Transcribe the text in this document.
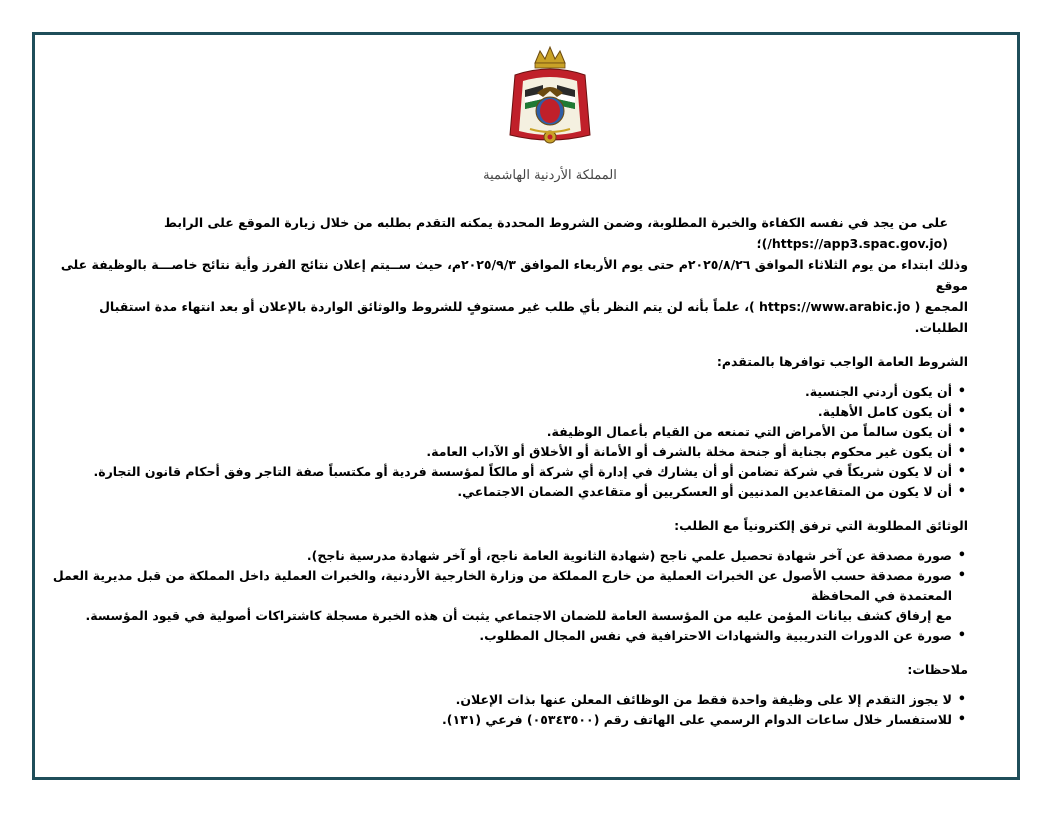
المملكة الأردنية الهاشمية

على من يجد في نفسه الكفاءة والخبرة المطلوبة، وضمن الشروط المحددة يمكنه التقدم بطلبه من خلال زيارة الموقع على الرابط (https://app3.spac.gov.jo/)؛

وذلك ابتداء من يوم الثلاثاء الموافق ٢٠٢٥/٨/٢٦م حتى يوم الأربعاء الموافق ٢٠٢٥/٩/٣م، حيث ســيتم إعلان نتائج الفرز وأية نتائج خاصـــة بالوظيفة على موقع

المجمع ( https://www.arabic.jo )، علماً بأنه لن يتم النظر بأي طلب غير مستوفٍ للشروط والوثائق الواردة بالإعلان أو بعد انتهاء مدة استقبال الطلبات.

الشروط العامة الواجب توافرها بالمتقدم:
• أن يكون أردني الجنسية.
• أن يكون كامل الأهلية.
• أن يكون سالماً من الأمراض التي تمنعه من القيام بأعمال الوظيفة.
• أن يكون غير محكوم بجناية أو جنحة مخلة بالشرف أو الأمانة أو الأخلاق أو الآداب العامة.
• أن لا يكون شريكاً في شركة تضامن أو أن يشارك في إدارة أي شركة أو مالكاً لمؤسسة فردية أو مكتسباً صفة التاجر وفق أحكام قانون التجارة.
• أن لا يكون من المتقاعدين المدنيين أو العسكريين أو متقاعدي الضمان الاجتماعي.
الوثائق المطلوبة التي ترفق إلكترونياً مع الطلب:
• صورة مصدقة عن آخر شهادة تحصيل علمي ناجح (شهادة الثانوية العامة ناجح، أو آخر شهادة مدرسية ناجح).
• صورة مصدقة حسب الأصول عن الخبرات العملية من خارج المملكة من وزارة الخارجية الأردنية، والخبرات العملية داخل المملكة من قبل مديرية العمل المعتمدة في المحافظة
مع إرفاق كشف بيانات المؤمن عليه من المؤسسة العامة للضمان الاجتماعي يثبت أن هذه الخبرة مسجلة كاشتراكات أصولية في قيود المؤسسة.
• صورة عن الدورات التدريبية والشهادات الاحترافية في نفس المجال المطلوب.
ملاحظات:
• لا يجوز التقدم إلا على وظيفة واحدة فقط من الوظائف المعلن عنها بذات الإعلان.
• للاستفسار خلال ساعات الدوام الرسمي على الهاتف رقم (٠٥٣٤٣٥٠٠) فرعي (١٣١).
